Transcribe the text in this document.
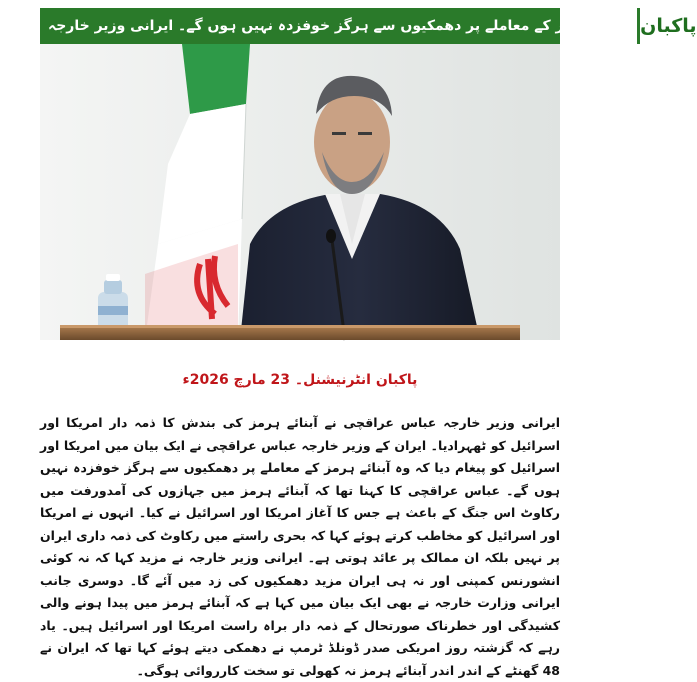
آبنائے ہرمز کے معاملے پر دھمکیوں سے ہرگز خوفزدہ نہیں ہوں گے۔ ایرانی وزیر خارجہ پاکبان
پاکبان انٹرنیشنل۔ 23 مارچ 2026ء
ایرانی وزیر خارجہ عباس عراقچی نے آبنائے ہرمز کی بندش کا ذمہ دار امریکا اور اسرائیل کو ٹھہرادیا۔ ایران کے وزیر خارجہ عباس عراقچی نے ایک بیان میں امریکا اور اسرائیل کو پیغام دیا کہ وہ آبنائے ہرمز کے معاملے پر دھمکیوں سے ہرگز خوفزدہ نہیں ہوں گے۔ عباس عراقچی کا کہنا تھا کہ آبنائے ہرمز میں جہازوں کی آمدورفت میں رکاوٹ اس جنگ کے باعث ہے جس کا آغاز امریکا اور اسرائیل نے کیا۔ انہوں نے امریکا اور اسرائیل کو مخاطب کرتے ہوئے کہا کہ بحری راستے میں رکاوٹ کی ذمہ داری ایران پر نہیں بلکہ ان ممالک پر عائد ہوتی ہے۔ ایرانی وزیر خارجہ نے مزید کہا کہ نہ کوئی انشورنس کمپنی اور نہ ہی ایران مزید دھمکیوں کی زد میں آئے گا۔ دوسری جانب ایرانی وزارت خارجہ نے بھی ایک بیان میں کہا ہے کہ آبنائے ہرمز میں پیدا ہونے والی کشیدگی اور خطرناک صورتحال کے ذمہ دار براہ راست امریکا اور اسرائیل ہیں۔ یاد رہے کہ گزشتہ روز امریکی صدر ڈونلڈ ٹرمپ نے دھمکی دیتے ہوئے کہا تھا کہ ایران نے 48 گھنٹے کے اندر اندر آبنائے ہرمز نہ کھولی تو سخت کارروائی ہوگی۔
